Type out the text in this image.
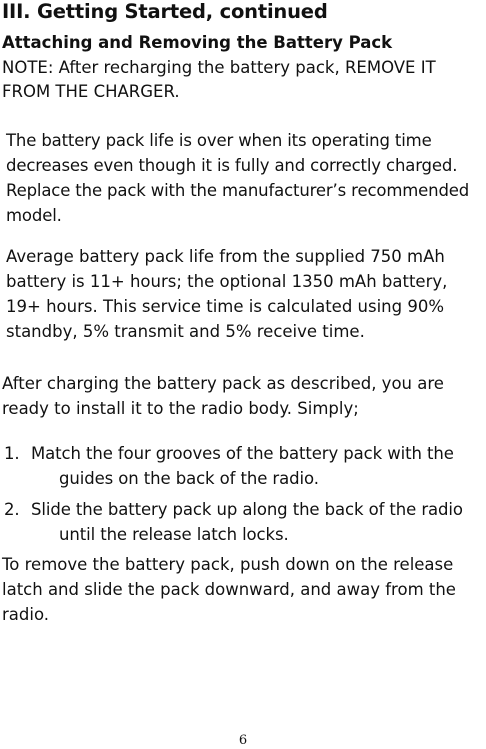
III. Getting Started, continued
Attaching and Removing the Battery Pack
NOTE: After recharging the battery pack, REMOVE IT FROM THE CHARGER.
The battery pack life is over when its operating time decreases even though it is fully and correctly charged. Replace the pack with the manufacturer’s recommended model.
Average battery pack life from the supplied 750 mAh battery is 11+ hours; the optional 1350 mAh battery, 19+ hours. This service time is calculated using 90% standby, 5% transmit and 5% receive time.
After charging the battery pack as described, you are ready to install it to the radio body. Simply;
1. Match the four grooves of the battery pack with the guides on the back of the radio.
2. Slide the battery pack up along the back of the radio until the release latch locks.
To remove the battery pack, push down on the release latch and slide the pack downward, and away from the radio.
6
